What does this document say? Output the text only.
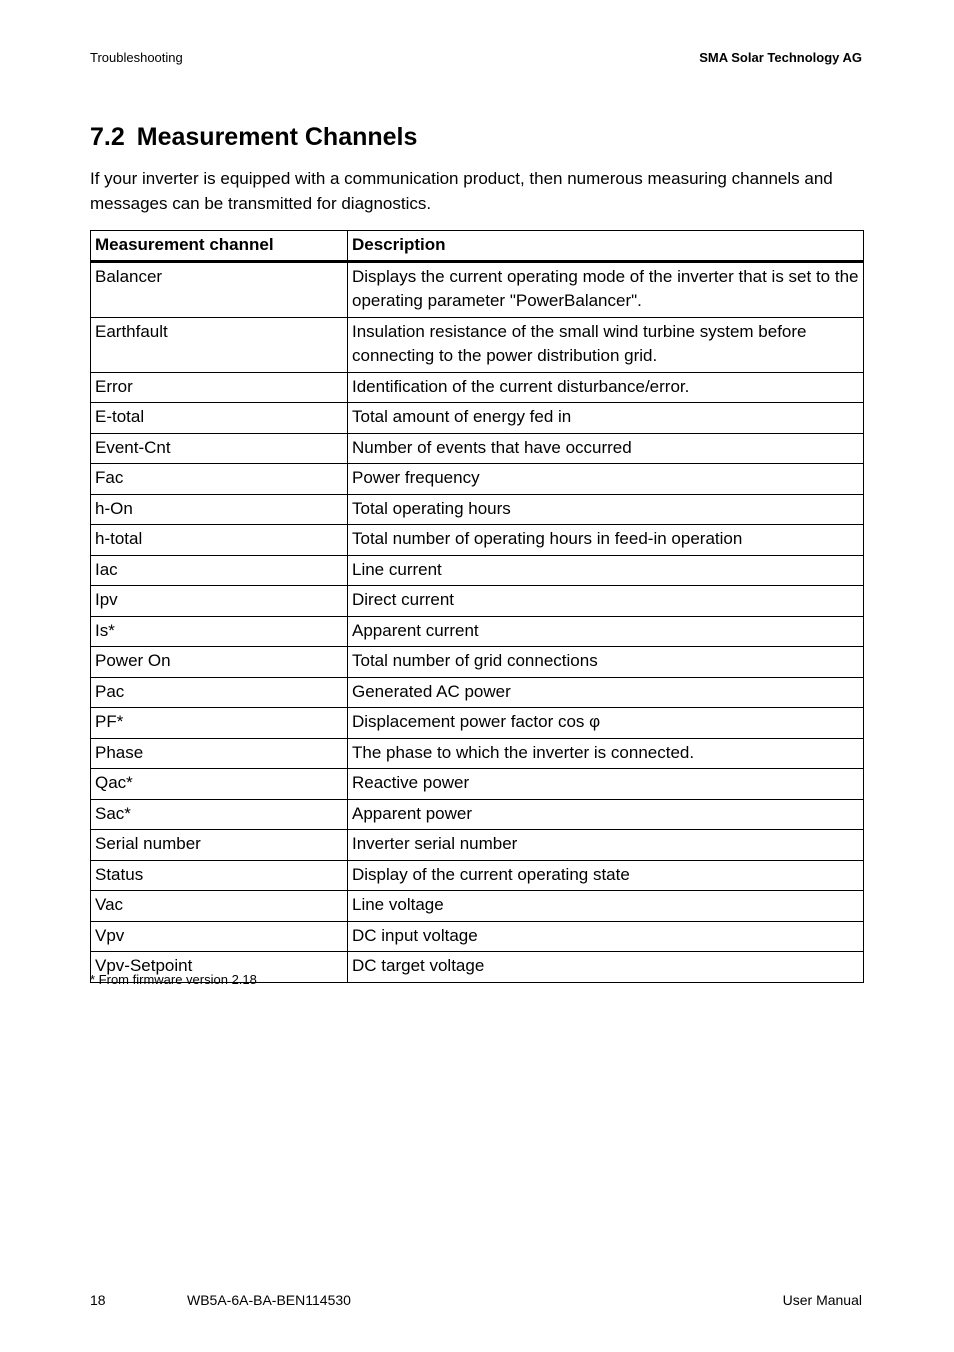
Troubleshooting	SMA Solar Technology AG
7.2 Measurement Channels

If your inverter is equipped with a communication product, then numerous measuring channels and messages can be transmitted for diagnostics.

Measurement channel	Description
Balancer	Displays the current operating mode of the inverter that is set to the operating parameter "PowerBalancer".
Earthfault	Insulation resistance of the small wind turbine system before connecting to the power distribution grid.
Error	Identification of the current disturbance/error.
E-total	Total amount of energy fed in
Event-Cnt	Number of events that have occurred
Fac	Power frequency
h-On	Total operating hours
h-total	Total number of operating hours in feed-in operation
Iac	Line current
Ipv	Direct current
Is*	Apparent current
Power On	Total number of grid connections
Pac	Generated AC power
PF*	Displacement power factor cos φ
Phase	The phase to which the inverter is connected.
Qac*	Reactive power
Sac*	Apparent power
Serial number	Inverter serial number
Status	Display of the current operating state
Vac	Line voltage
Vpv	DC input voltage
Vpv-Setpoint	DC target voltage
* From firmware version 2.18
18	WB5A-6A-BA-BEN114530	User Manual
